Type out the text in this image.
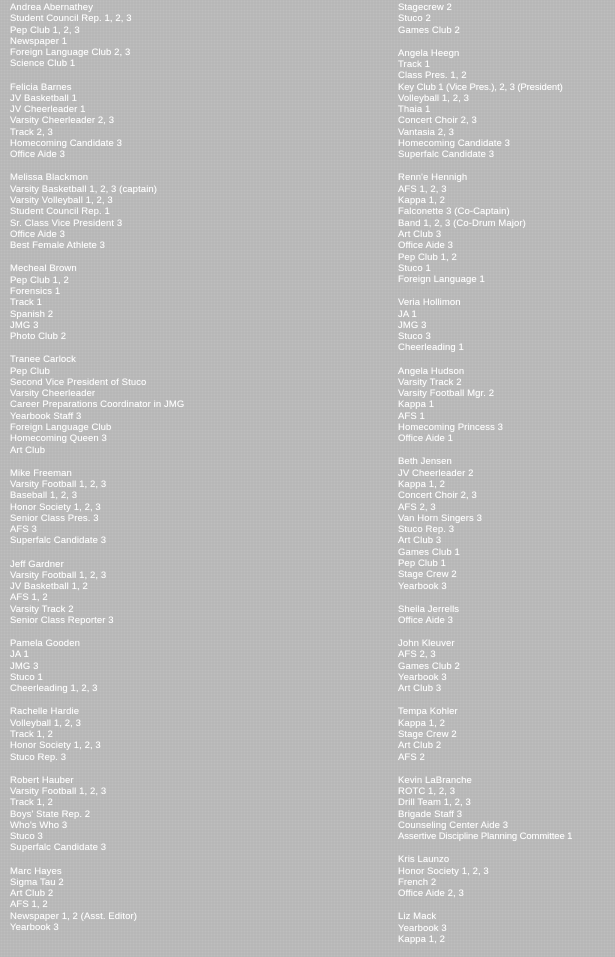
Andrea Abernathey
Student Council Rep. 1, 2, 3
Pep Club 1, 2, 3
Newspaper 1
Foreign Language Club 2, 3
Science Club 1
Felicia Barnes
JV Basketball 1
JV Cheerleader 1
Varsity Cheerleader 2, 3
Track 2, 3
Homecoming Candidate 3
Office Aide 3
Melissa Blackmon
Varsity Basketball 1, 2, 3 (captain)
Varsity Volleyball 1, 2, 3
Student Council Rep. 1
Sr. Class Vice President 3
Office Aide 3
Best Female Athlete 3
Mecheal Brown
Pep Club 1, 2
Forensics 1
Track 1
Spanish 2
JMG 3
Photo Club 2
Tranee Carlock
Pep Club
Second Vice President of Stuco
Varsity Cheerleader
Career Preparations Coordinator in JMG
Yearbook Staff 3
Foreign Language Club
Homecoming Queen 3
Art Club
Mike Freeman
Varsity Football 1, 2, 3
Baseball 1, 2, 3
Honor Society 1, 2, 3
Senior Class Pres. 3
AFS 3
Superfalc Candidate 3
Jeff Gardner
Varsity Football 1, 2, 3
JV Basketball 1, 2
AFS 1, 2
Varsity Track 2
Senior Class Reporter 3
Pamela Gooden
JA 1
JMG 3
Stuco 1
Cheerleading 1, 2, 3
Rachelle Hardie
Volleyball 1, 2, 3
Track 1, 2
Honor Society 1, 2, 3
Stuco Rep. 3
Robert Hauber
Varsity Football 1, 2, 3
Track 1, 2
Boys' State Rep. 2
Who's Who 3
Stuco 3
Superfalc Candidate 3
Marc Hayes
Sigma Tau 2
Art Club 2
AFS 1, 2
Newspaper 1, 2 (Asst. Editor)
Yearbook 3
Stagecrew 2
Stuco 2
Games Club 2
Angela Heegn
Track 1
Class Pres. 1, 2
Key Club 1 (Vice Pres.), 2, 3 (President)
Volleyball 1, 2, 3
Thaia 1
Concert Choir 2, 3
Vantasia 2, 3
Homecoming Candidate 3
Superfalc Candidate 3
Renn'e Hennigh
AFS 1, 2, 3
Kappa 1, 2
Falconette 3 (Co-Captain)
Band 1, 2, 3 (Co-Drum Major)
Art Club 3
Office Aide 3
Pep Club 1, 2
Stuco 1
Foreign Language 1
Veria Hollimon
JA 1
JMG 3
Stuco 3
Cheerleading 1
Angela Hudson
Varsity Track 2
Varsity Football Mgr. 2
Kappa 1
AFS 1
Homecoming Princess 3
Office Aide 1
Beth Jensen
JV Cheerleader 2
Kappa 1, 2
Concert Choir 2, 3
AFS 2, 3
Van Horn Singers 3
Stuco Rep. 3
Art Club 3
Games Club 1
Pep Club 1
Stage Crew 2
Yearbook 3
Sheila Jerrells
Office Aide 3
John Kleuver
AFS 2, 3
Games Club 2
Yearbook 3
Art Club 3
Tempa Kohler
Kappa 1, 2
Stage Crew 2
Art Club 2
AFS 2
Kevin LaBranche
ROTC 1, 2, 3
Drill Team 1, 2, 3
Brigade Staff 3
Counseling Center Aide 3
Assertive Discipline Planning Committee 1
Kris Launzo
Honor Society 1, 2, 3
French 2
Office Aide 2, 3
Liz Mack
Yearbook 3
Kappa 1, 2
